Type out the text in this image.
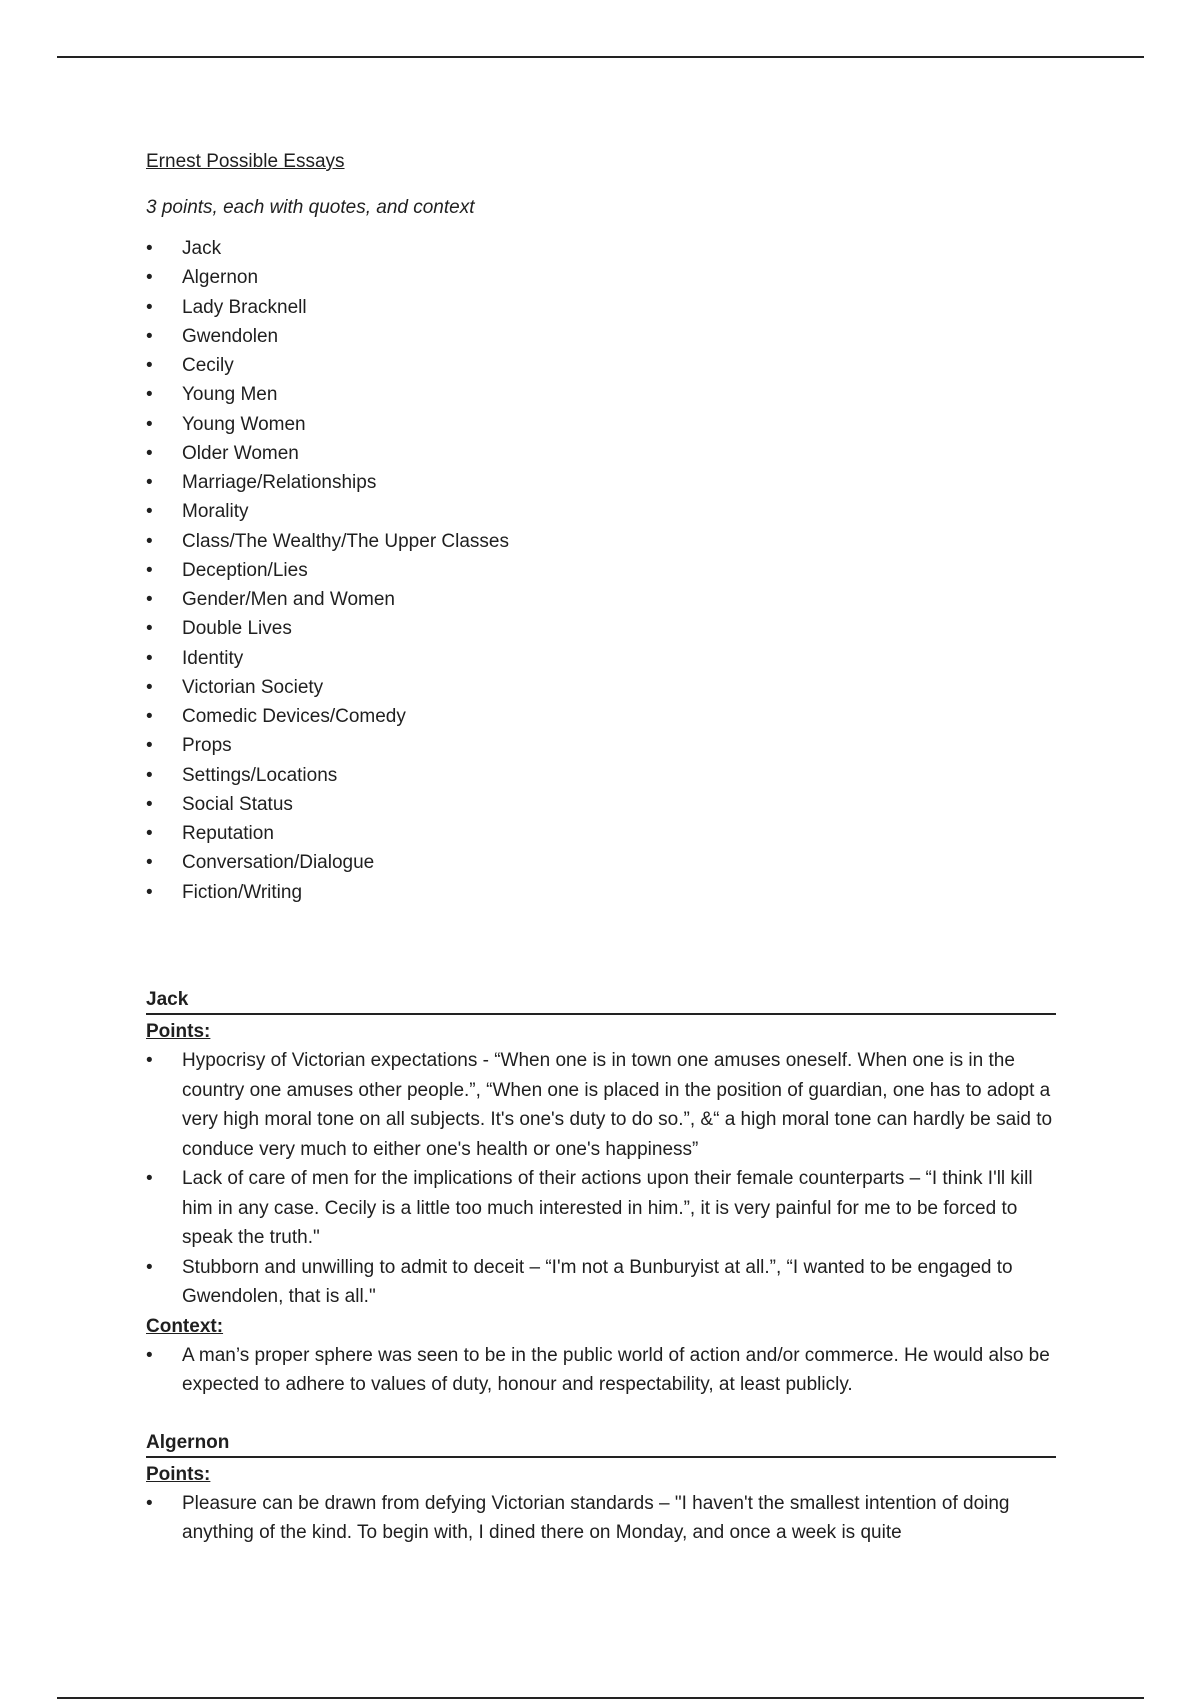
Ernest Possible Essays
3 points, each with quotes, and context
•	Jack
•	Algernon
•	Lady Bracknell
•	Gwendolen
•	Cecily
•	Young Men
•	Young Women
•	Older Women
•	Marriage/Relationships
•	Morality
•	Class/The Wealthy/The Upper Classes
•	Deception/Lies
•	Gender/Men and Women
•	Double Lives
•	Identity
•	Victorian Society
•	Comedic Devices/Comedy
•	Props
•	Settings/Locations
•	Social Status
•	Reputation
•	Conversation/Dialogue
•	Fiction/Writing
Jack
Points:
•	Hypocrisy of Victorian expectations - “When one is in town one amuses oneself. When one is in the country one amuses other people.”, “When one is placed in the position of guardian, one has to adopt a very high moral tone on all subjects. It's one's duty to do so.”, &“ a high moral tone can hardly be said to conduce very much to either one's health or one's happiness”
•	Lack of care of men for the implications of their actions upon their female counterparts – “I think I'll kill him in any case. Cecily is a little too much interested in him.”, it is very painful for me to be forced to speak the truth."
•	Stubborn and unwilling to admit to deceit – “I'm not a Bunburyist at all.”, “I wanted to be engaged to Gwendolen, that is all."
Context:
•	A man’s proper sphere was seen to be in the public world of action and/or commerce. He would also be expected to adhere to values of duty, honour and respectability, at least publicly.
Algernon
Points:
•	Pleasure can be drawn from defying Victorian standards – "I haven't the smallest intention of doing anything of the kind. To begin with, I dined there on Monday, and once a week is quite
